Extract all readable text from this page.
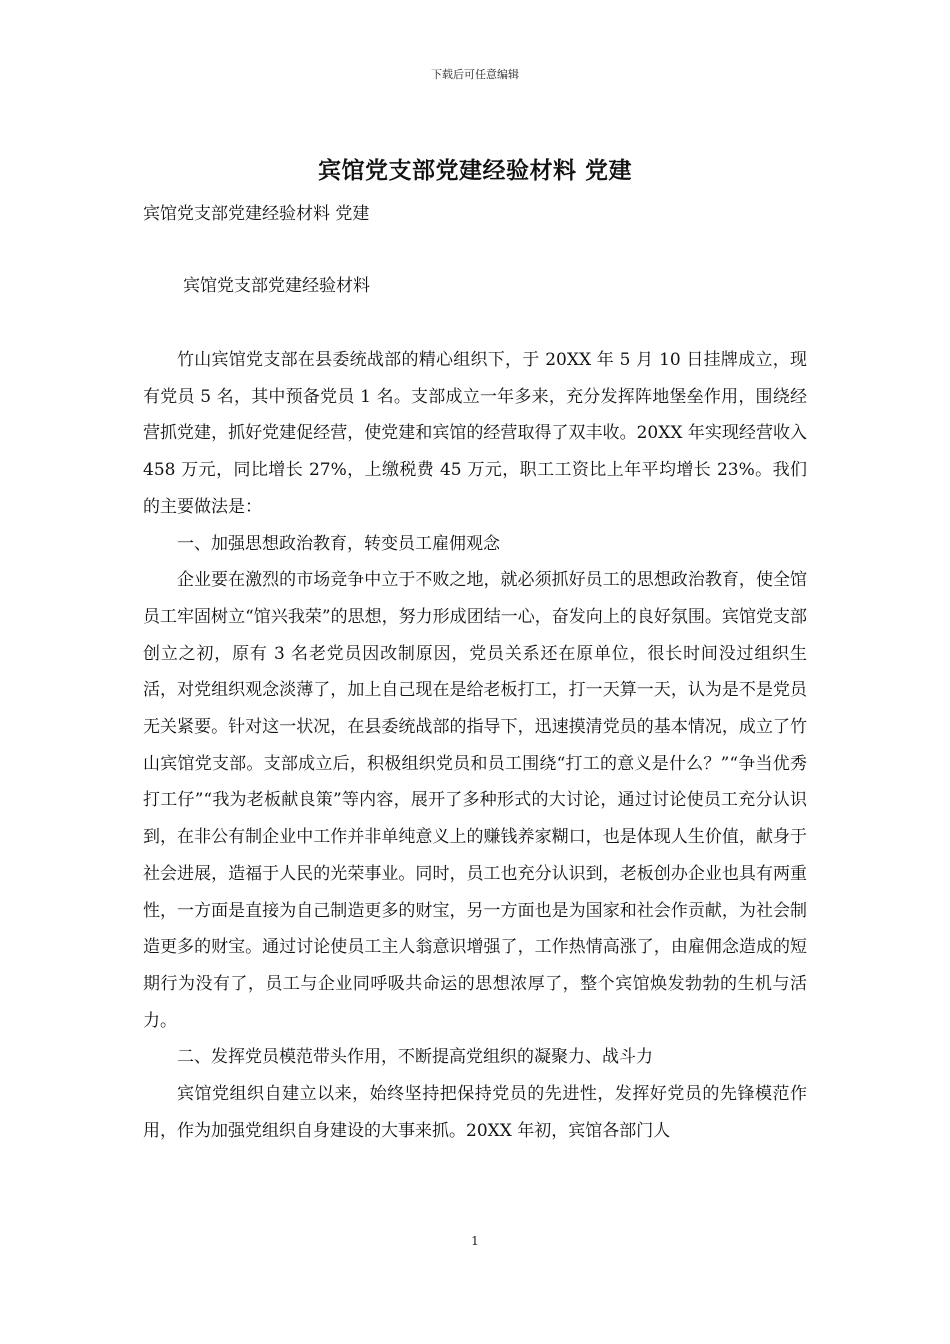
下载后可任意编辑
宾馆党支部党建经验材料 党建
宾馆党支部党建经验材料 党建
宾馆党支部党建经验材料

竹山宾馆党支部在县委统战部的精心组织下，于 20XX 年 5 月 10 日挂牌成立，现有党员 5 名，其中预备党员 1 名。支部成立一年多来，充分发挥阵地堡垒作用，围绕经营抓党建，抓好党建促经营，使党建和宾馆的经营取得了双丰收。20XX 年实现经营收入 458 万元，同比增长 27%，上缴税费 45 万元，职工工资比上年平均增长 23%。我们的主要做法是：

一、加强思想政治教育，转变员工雇佣观念

企业要在激烈的市场竞争中立于不败之地，就必须抓好员工的思想政治教育，使全馆员工牢固树立“馆兴我荣”的思想，努力形成团结一心，奋发向上的良好氛围。宾馆党支部创立之初，原有 3 名老党员因改制原因，党员关系还在原单位，很长时间没过组织生活，对党组织观念淡薄了，加上自己现在是给老板打工，打一天算一天，认为是不是党员无关紧要。针对这一状况，在县委统战部的指导下，迅速摸清党员的基本情况，成立了竹山宾馆党支部。支部成立后，积极组织党员和员工围绕“打工的意义是什么？”“争当优秀打工仔”“我为老板献良策”等内容，展开了多种形式的大讨论，通过讨论使员工充分认识到，在非公有制企业中工作并非单纯意义上的赚钱养家糊口，也是体现人生价值，献身于社会进展，造福于人民的光荣事业。同时，员工也充分认识到，老板创办企业也具有两重性，一方面是直接为自己制造更多的财宝，另一方面也是为国家和社会作贡献，为社会制造更多的财宝。通过讨论使员工主人翁意识增强了，工作热情高涨了，由雇佣念造成的短期行为没有了，员工与企业同呼吸共命运的思想浓厚了，整个宾馆焕发勃勃的生机与活力。

二、发挥党员模范带头作用，不断提高党组织的凝聚力、战斗力

宾馆党组织自建立以来，始终坚持把保持党员的先进性，发挥好党员的先锋模范作用，作为加强党组织自身建设的大事来抓。20XX 年初，宾馆各部门人

1
